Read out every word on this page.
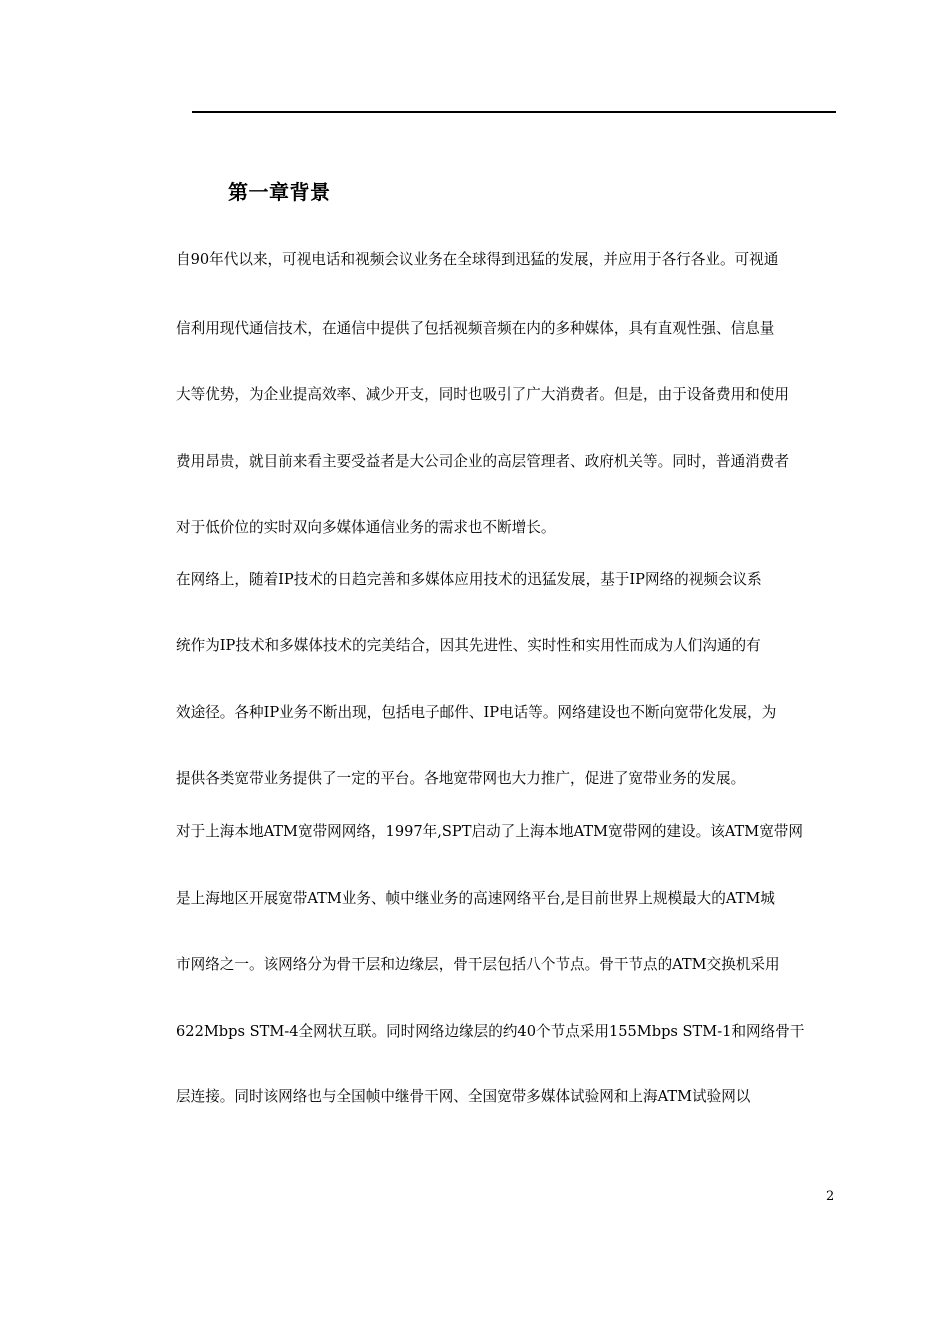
第一章背景
自90年代以来，可视电话和视频会议业务在全球得到迅猛的发展，并应用于各行各业。可视通
信利用现代通信技术，在通信中提供了包括视频音频在内的多种媒体，具有直观性强、信息量
大等优势，为企业提高效率、减少开支，同时也吸引了广大消费者。但是，由于设备费用和使用
费用昂贵，就目前来看主要受益者是大公司企业的高层管理者、政府机关等。同时，普通消费者
对于低价位的实时双向多媒体通信业务的需求也不断增长。
在网络上，随着IP技术的日趋完善和多媒体应用技术的迅猛发展，基于IP网络的视频会议系
统作为IP技术和多媒体技术的完美结合，因其先进性、实时性和实用性而成为人们沟通的有
效途径。各种IP业务不断出现，包括电子邮件、IP电话等。网络建设也不断向宽带化发展，为
提供各类宽带业务提供了一定的平台。各地宽带网也大力推广，促进了宽带业务的发展。
对于上海本地ATM宽带网网络，1997年,SPT启动了上海本地ATM宽带网的建设。该ATM宽带网
是上海地区开展宽带ATM业务、帧中继业务的高速网络平台,是目前世界上规模最大的ATM城
市网络之一。该网络分为骨干层和边缘层，骨干层包括八个节点。骨干节点的ATM交换机采用
622Mbps STM-4全网状互联。同时网络边缘层的约40个节点采用155Mbps STM-1和网络骨干
层连接。同时该网络也与全国帧中继骨干网、全国宽带多媒体试验网和上海ATM试验网以
2
